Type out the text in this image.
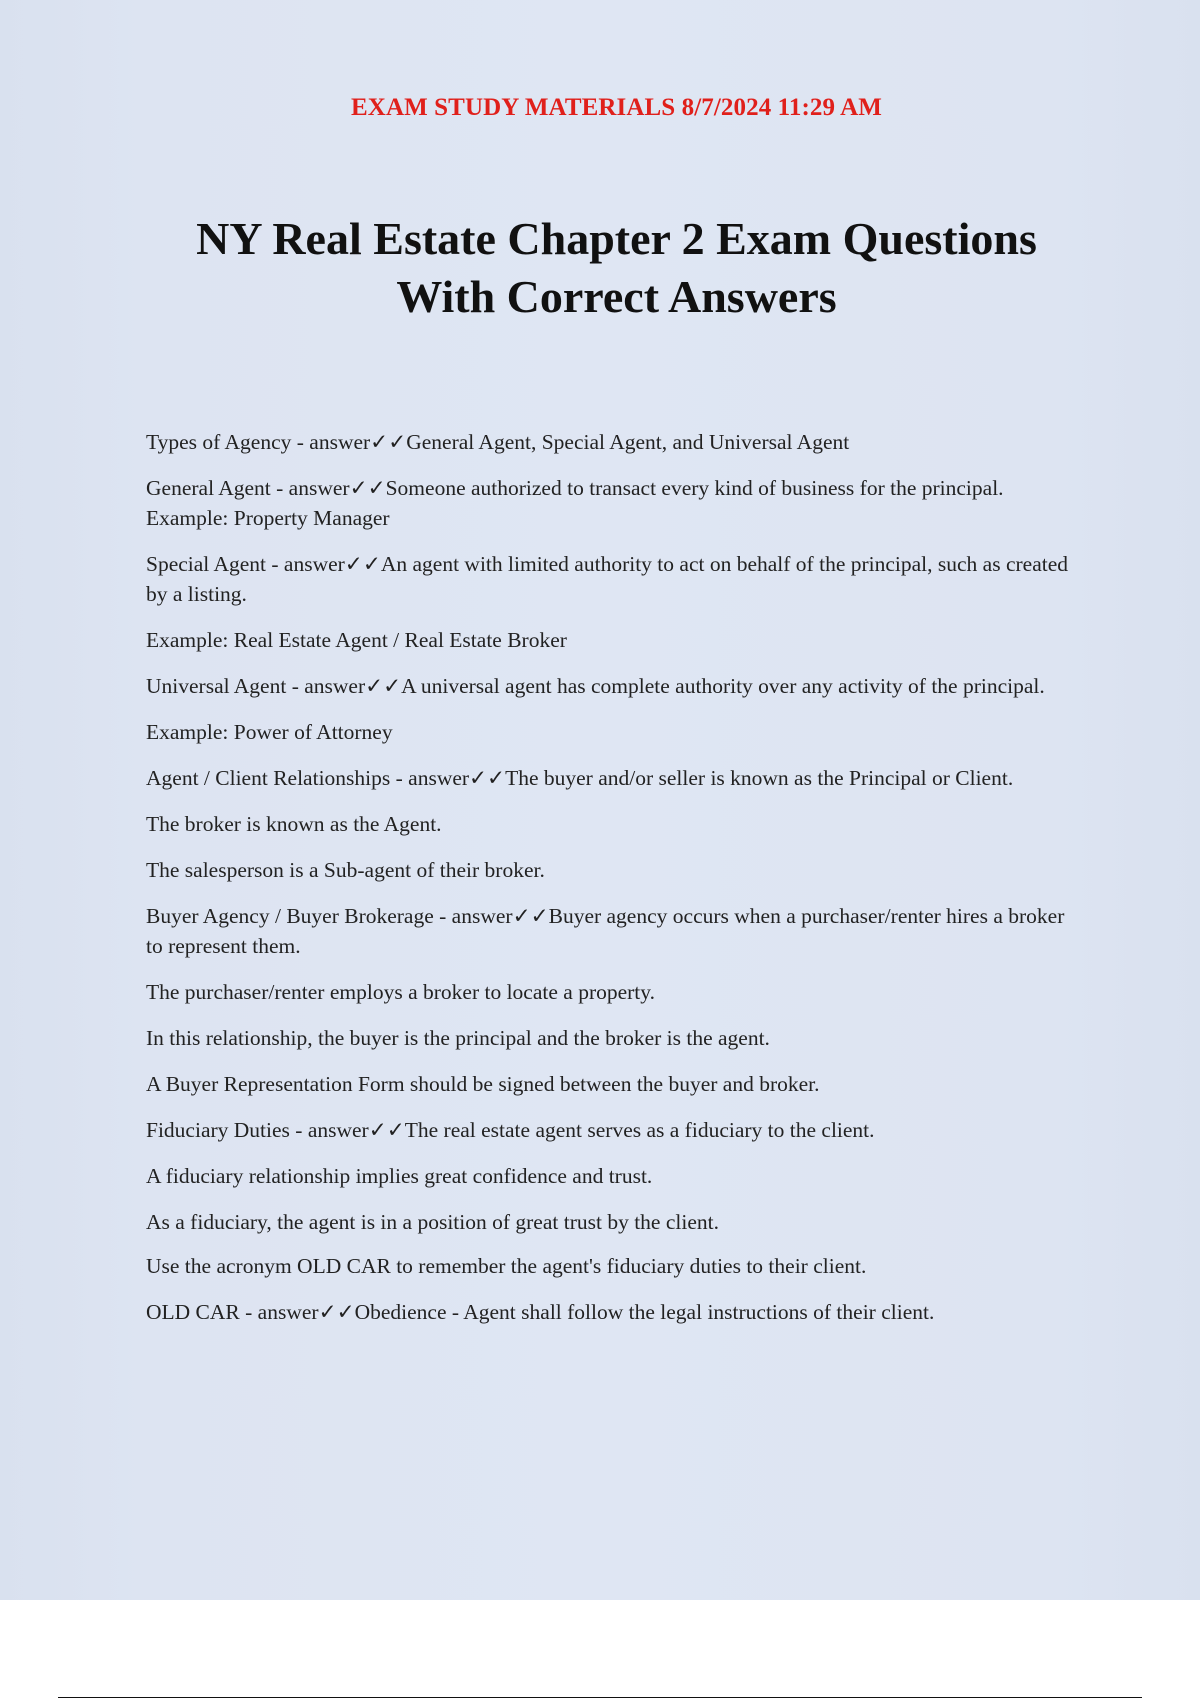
EXAM STUDY MATERIALS 8/7/2024 11:29 AM
NY Real Estate Chapter 2 Exam Questions
With Correct Answers

Types of Agency - answer✓✓General Agent, Special Agent, and Universal Agent

General Agent - answer✓✓Someone authorized to transact every kind of business for the principal. Example: Property Manager

Special Agent - answer✓✓An agent with limited authority to act on behalf of the principal, such as created by a listing.

Example: Real Estate Agent / Real Estate Broker

Universal Agent - answer✓✓A universal agent has complete authority over any activity of the principal.

Example: Power of Attorney

Agent / Client Relationships - answer✓✓The buyer and/or seller is known as the Principal or Client.

The broker is known as the Agent.

The salesperson is a Sub-agent of their broker.

Buyer Agency / Buyer Brokerage - answer✓✓Buyer agency occurs when a purchaser/renter hires a broker to represent them.

The purchaser/renter employs a broker to locate a property.

In this relationship, the buyer is the principal and the broker is the agent.

A Buyer Representation Form should be signed between the buyer and broker.

Fiduciary Duties - answer✓✓The real estate agent serves as a fiduciary to the client.

A fiduciary relationship implies great confidence and trust.

As a fiduciary, the agent is in a position of great trust by the client.

Use the acronym OLD CAR to remember the agent's fiduciary duties to their client.

OLD CAR - answer✓✓Obedience - Agent shall follow the legal instructions of their client.
